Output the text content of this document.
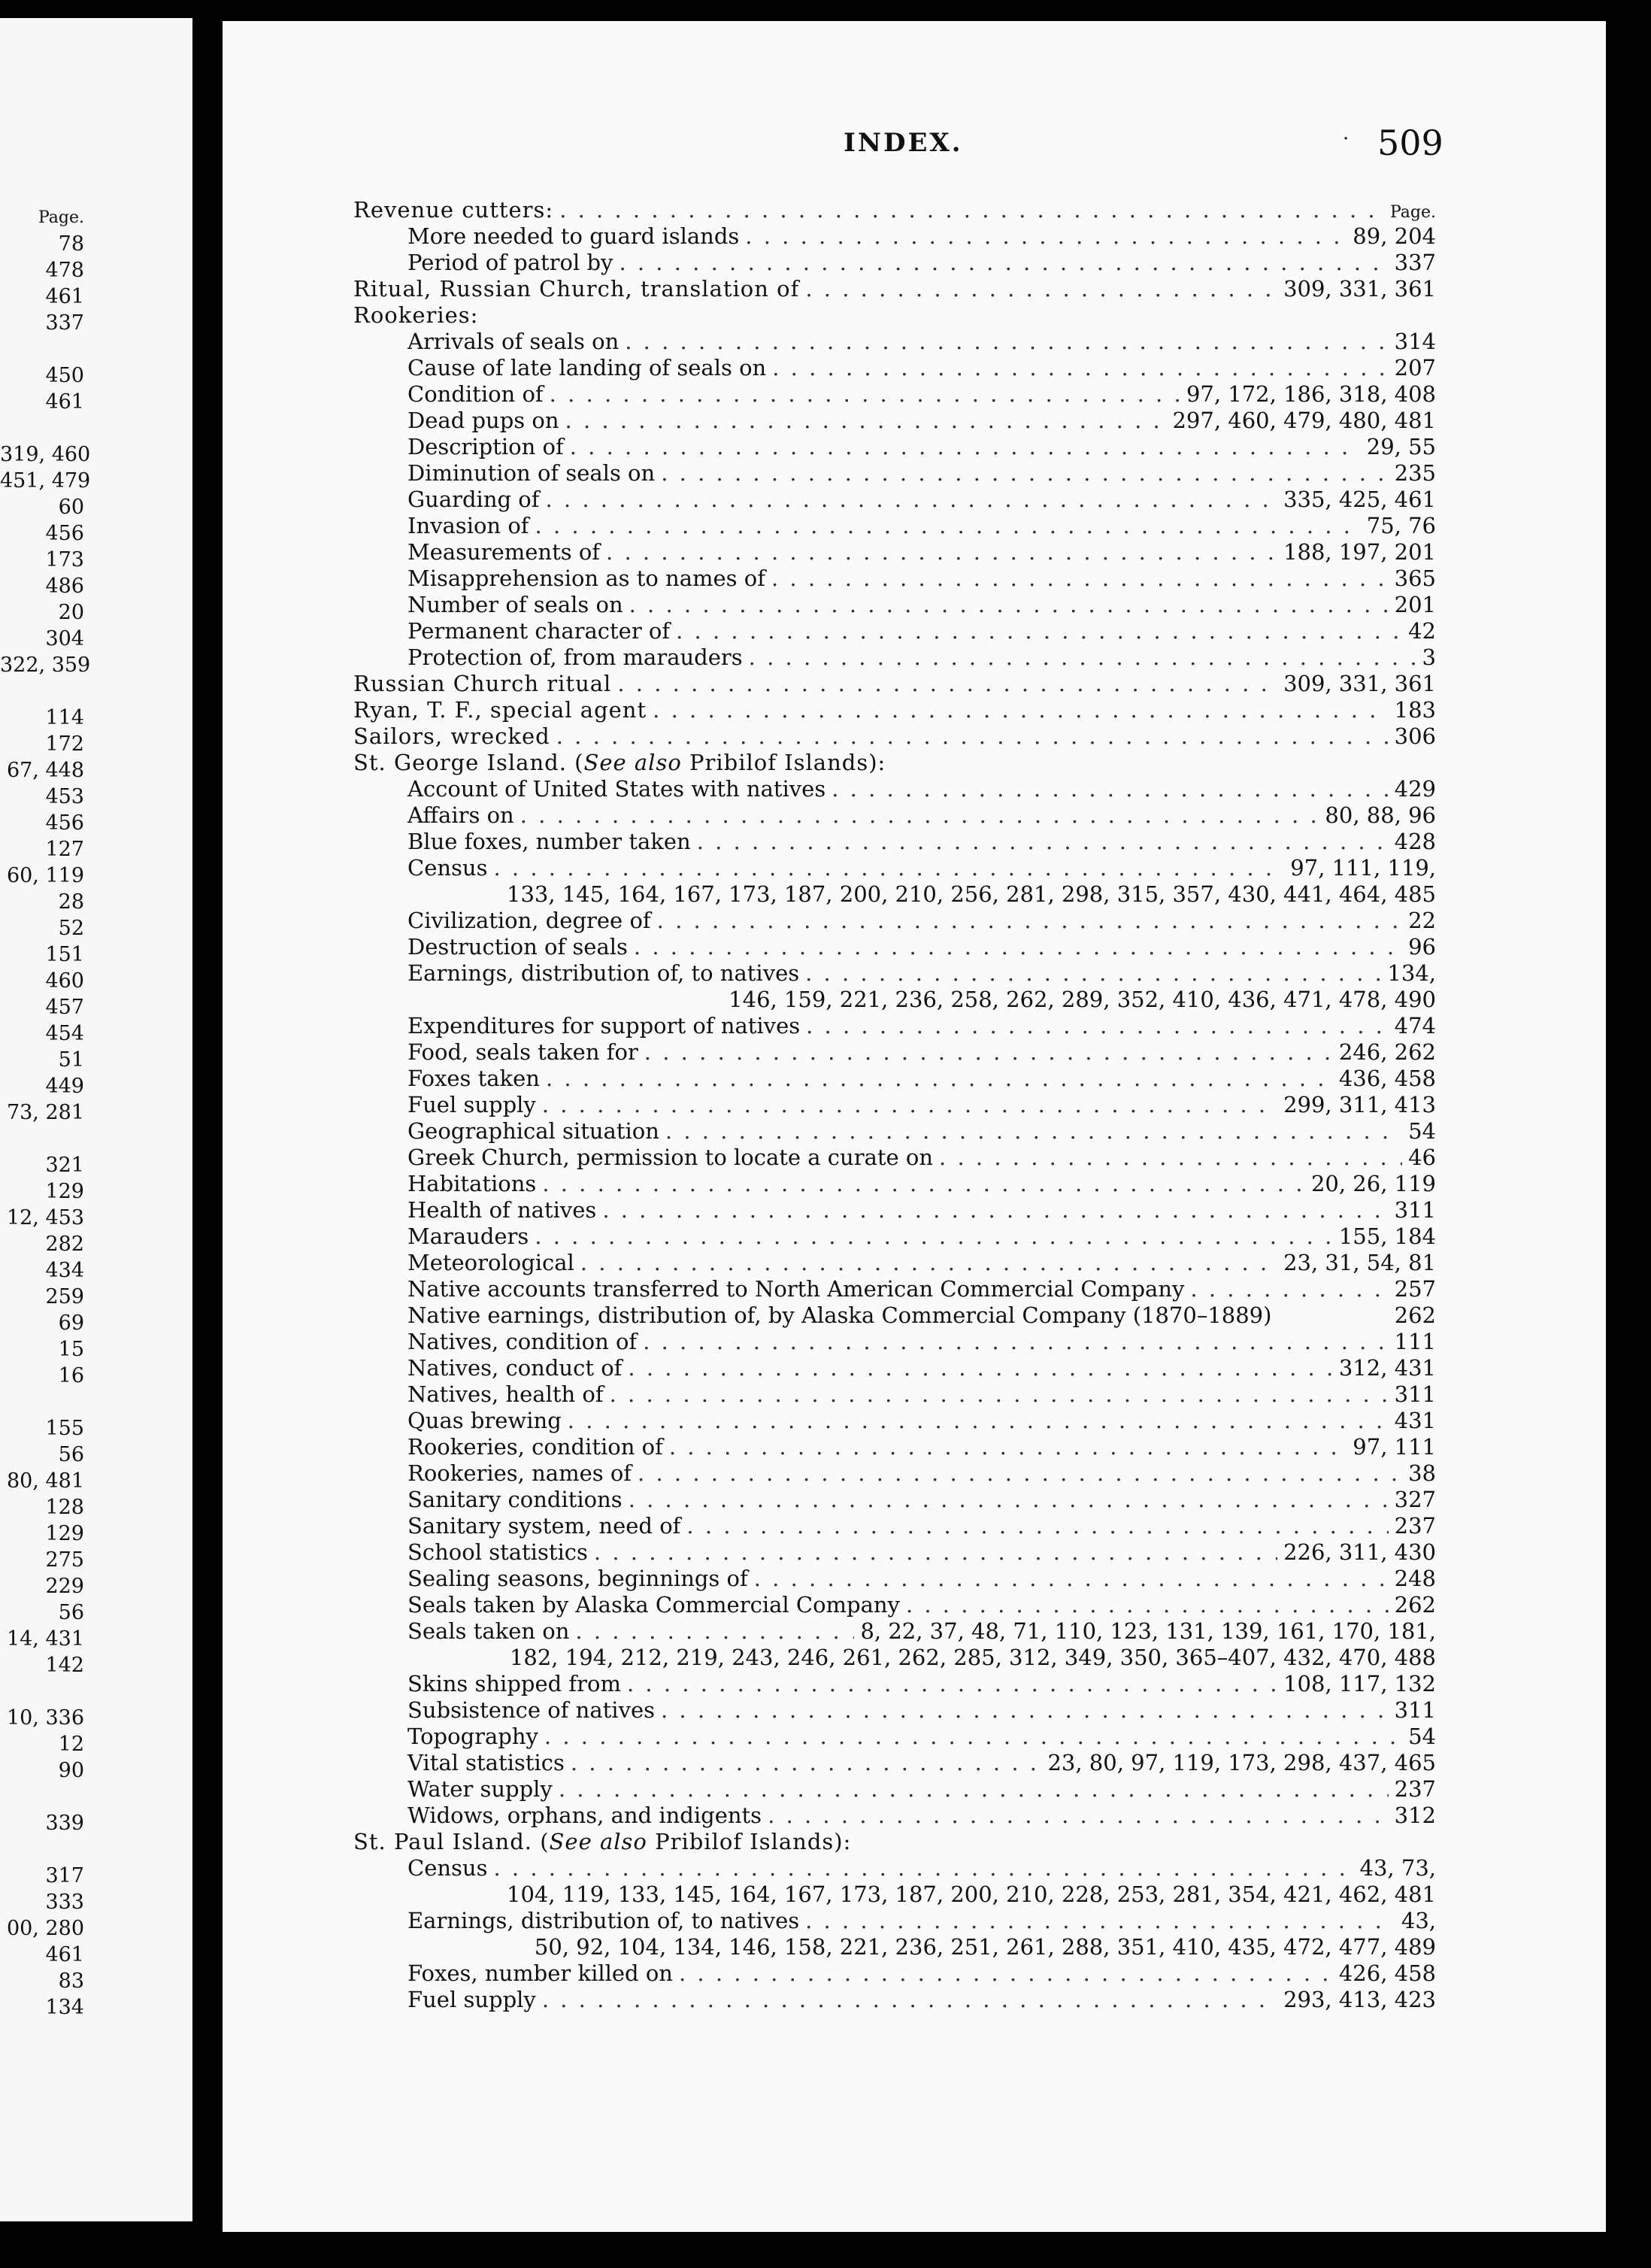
Page.
78
478
461
337
450
461
319, 460
451, 479
60
456
173
486
20
304
322, 359
114
172
67, 448
453
456
127
60, 119
28
52
151
460
457
454
51
449
73, 281
321
129
12, 453
282
434
259
69
15
16
155
56
80, 481
128
129
275
229
56
14, 431
142
10, 336
12
90
339
317
333
00, 280
461
83
134
INDEX.	· 509
Revenue cutters: . . .	Page.
More needed to guard islands . . .	89, 204
Period of patrol by . . .	337
Ritual, Russian Church, translation of . . .	309, 331, 361
Rookeries:
Arrivals of seals on . . .	314
Cause of late landing of seals on . . .	207
Condition of . . .	97, 172, 186, 318, 408
Dead pups on . . .	297, 460, 479, 480, 481
Description of . . .	29, 55
Diminution of seals on . . .	235
Guarding of . . .	335, 425, 461
Invasion of . . .	75, 76
Measurements of . . .	188, 197, 201
Misapprehension as to names of . . .	365
Number of seals on . . .	201
Permanent character of . . .	42
Protection of, from marauders . . .	3
Russian Church ritual . . .	309, 331, 361
Ryan, T. F., special agent . . .	183
Sailors, wrecked . . .	306
St. George Island. (See also Pribilof Islands):
Account of United States with natives . . .	429
Affairs on . . .	80, 88, 96
Blue foxes, number taken . . .	428
Census . . .	97, 111, 119,
133, 145, 164, 167, 173, 187, 200, 210, 256, 281, 298, 315, 357, 430, 441, 464, 485
Civilization, degree of . . .	22
Destruction of seals . . .	96
Earnings, distribution of, to natives . . .	134,
146, 159, 221, 236, 258, 262, 289, 352, 410, 436, 471, 478, 490
Expenditures for support of natives . . .	474
Food, seals taken for . . .	246, 262
Foxes taken . . .	436, 458
Fuel supply . . .	299, 311, 413
Geographical situation . . .	54
Greek Church, permission to locate a curate on . . .	46
Habitations . . .	20, 26, 119
Health of natives . . .	311
Marauders . . .	155, 184
Meteorological . . .	23, 31, 54, 81
Native accounts transferred to North American Commercial Company . . .	257
Native earnings, distribution of, by Alaska Commercial Company (1870–1889)	262
Natives, condition of . . .	111
Natives, conduct of . . .	312, 431
Natives, health of . . .	311
Quas brewing . . .	431
Rookeries, condition of . . .	97, 111
Rookeries, names of . . .	38
Sanitary conditions . . .	327
Sanitary system, need of . . .	237
School statistics . . .	226, 311, 430
Sealing seasons, beginnings of . . .	248
Seals taken by Alaska Commercial Company . . .	262
Seals taken on . . .	8, 22, 37, 48, 71, 110, 123, 131, 139, 161, 170, 181,
182, 194, 212, 219, 243, 246, 261, 262, 285, 312, 349, 350, 365–407, 432, 470, 488
Skins shipped from . . .	108, 117, 132
Subsistence of natives . . .	311
Topography . . .	54
Vital statistics . . .	23, 80, 97, 119, 173, 298, 437, 465
Water supply . . .	237
Widows, orphans, and indigents . . .	312
St. Paul Island. (See also Pribilof Islands):
Census . . .	43, 73,
104, 119, 133, 145, 164, 167, 173, 187, 200, 210, 228, 253, 281, 354, 421, 462, 481
Earnings, distribution of, to natives . . .	43,
50, 92, 104, 134, 146, 158, 221, 236, 251, 261, 288, 351, 410, 435, 472, 477, 489
Foxes, number killed on . . .	426, 458
Fuel supply . . .	293, 413, 423
